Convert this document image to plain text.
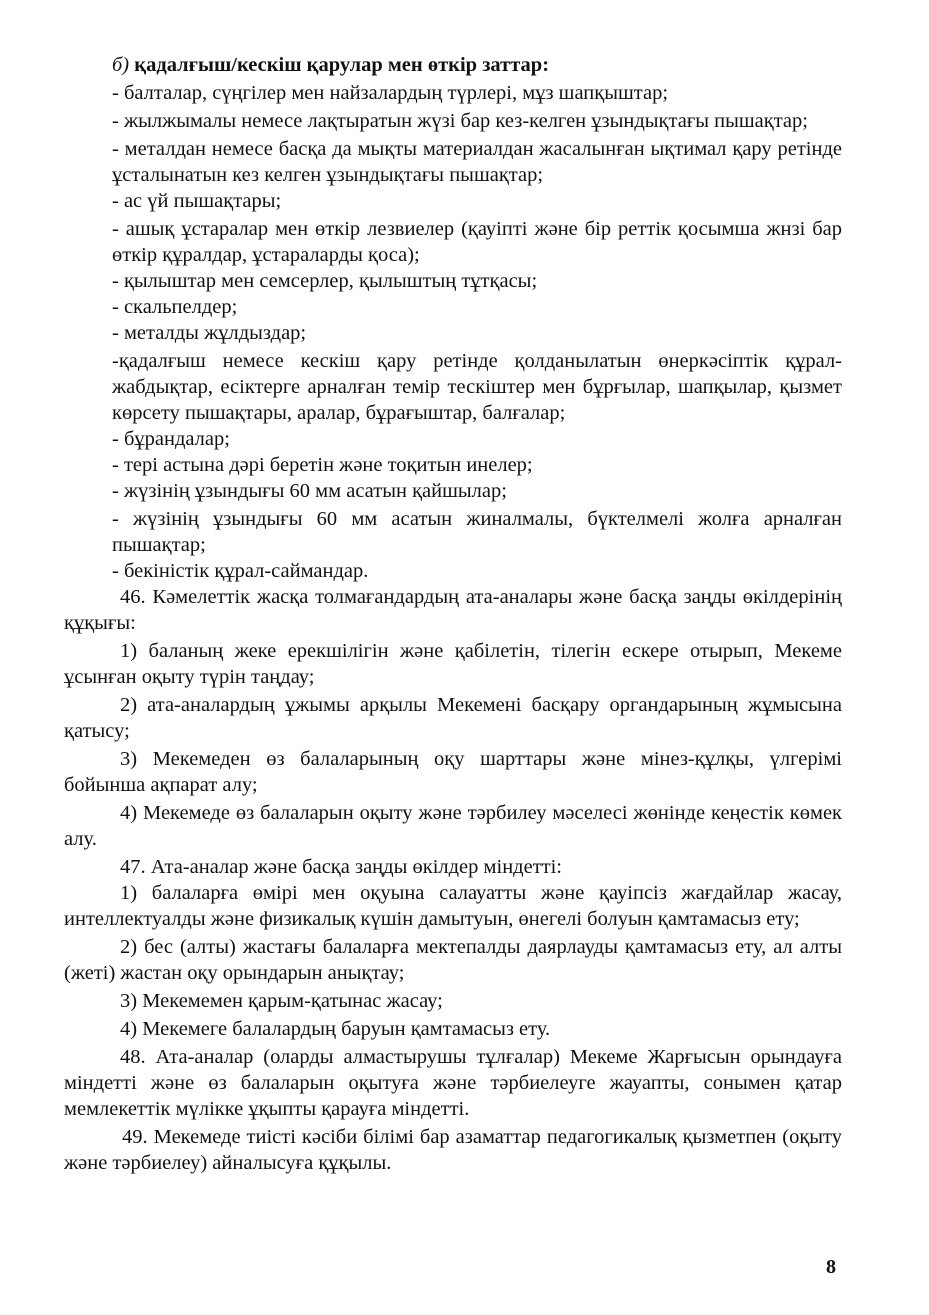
б) қадалғыш/кескіш қарулар мен өткір заттар:

- балталар, сүңгілер мен найзалардың түрлері, мұз шапқыштар;

- жылжымалы немесе лақтыратын жүзі бар кез-келген ұзындықтағы пышақтар;

- металдан немесе басқа да мықты материалдан жасалынған ықтимал қару ретінде ұсталынатын кез келген ұзындықтағы пышақтар;

- ас үй пышақтары;

- ашық ұстаралар мен өткір лезвиелер (қауіпті және бір реттік қосымша жнзі бар өткір құралдар, ұстараларды қоса);

- қылыштар мен семсерлер, қылыштың тұтқасы;

- скальпелдер;

- металды жұлдыздар;

-қадалғыш немесе кескіш қару ретінде қолданылатын өнеркәсіптік құрал- жабдықтар, есіктерге арналған темір тескіштер мен бұрғылар, шапқылар, қызмет көрсету пышақтары, аралар, бұрағыштар, балғалар;

- бұрандалар;

- тері астына дәрі беретін және тоқитын инелер;

- жүзінің ұзындығы 60 мм асатын қайшылар;

- жүзінің ұзындығы 60 мм асатын жиналмалы, бүктелмелі жолға арналған пышақтар;

- бекіністік құрал-саймандар.

46. Кәмелеттік жасқа толмағандардың ата-аналары және басқа заңды өкілдерінің құқығы:

1) баланың жеке ерекшілігін және қабілетін, тілегін ескере отырып, Мекеме ұсынған оқыту түрін таңдау;

2) ата-аналардың ұжымы арқылы Мекемені басқару органдарының жұмысына қатысу;

3) Мекемеден өз балаларының оқу шарттары және мінез-құлқы, үлгерімі бойынша ақпарат алу;

4) Мекемеде өз балаларын оқыту және тәрбилеу мәселесі жөнінде кеңестік көмек алу.

47. Ата-аналар және басқа заңды өкілдер міндетті:

1) балаларға өмірі мен оқуына салауатты және қауіпсіз жағдайлар жасау, интеллектуалды және физикалық күшін дамытуын, өнегелі болуын қамтамасыз ету;

2) бес (алты) жастағы балаларға мектепалды даярлауды қамтамасыз ету, ал алты (жеті) жастан оқу орындарын анықтау;

3) Мекемемен қарым-қатынас жасау;

4) Мекемеге балалардың баруын қамтамасыз ету.

48. Ата-аналар (оларды алмастырушы тұлғалар) Мекеме Жарғысын орындауға міндетті және өз балаларын оқытуға және тәрбиелеуге жауапты, сонымен қатар мемлекеттік мүлікке ұқыпты қарауға міндетті.

49. Мекемеде тиісті кәсіби білімі бар азаматтар педагогикалық қызметпен (оқыту және тәрбиелеу) айналысуға құқылы.

8
